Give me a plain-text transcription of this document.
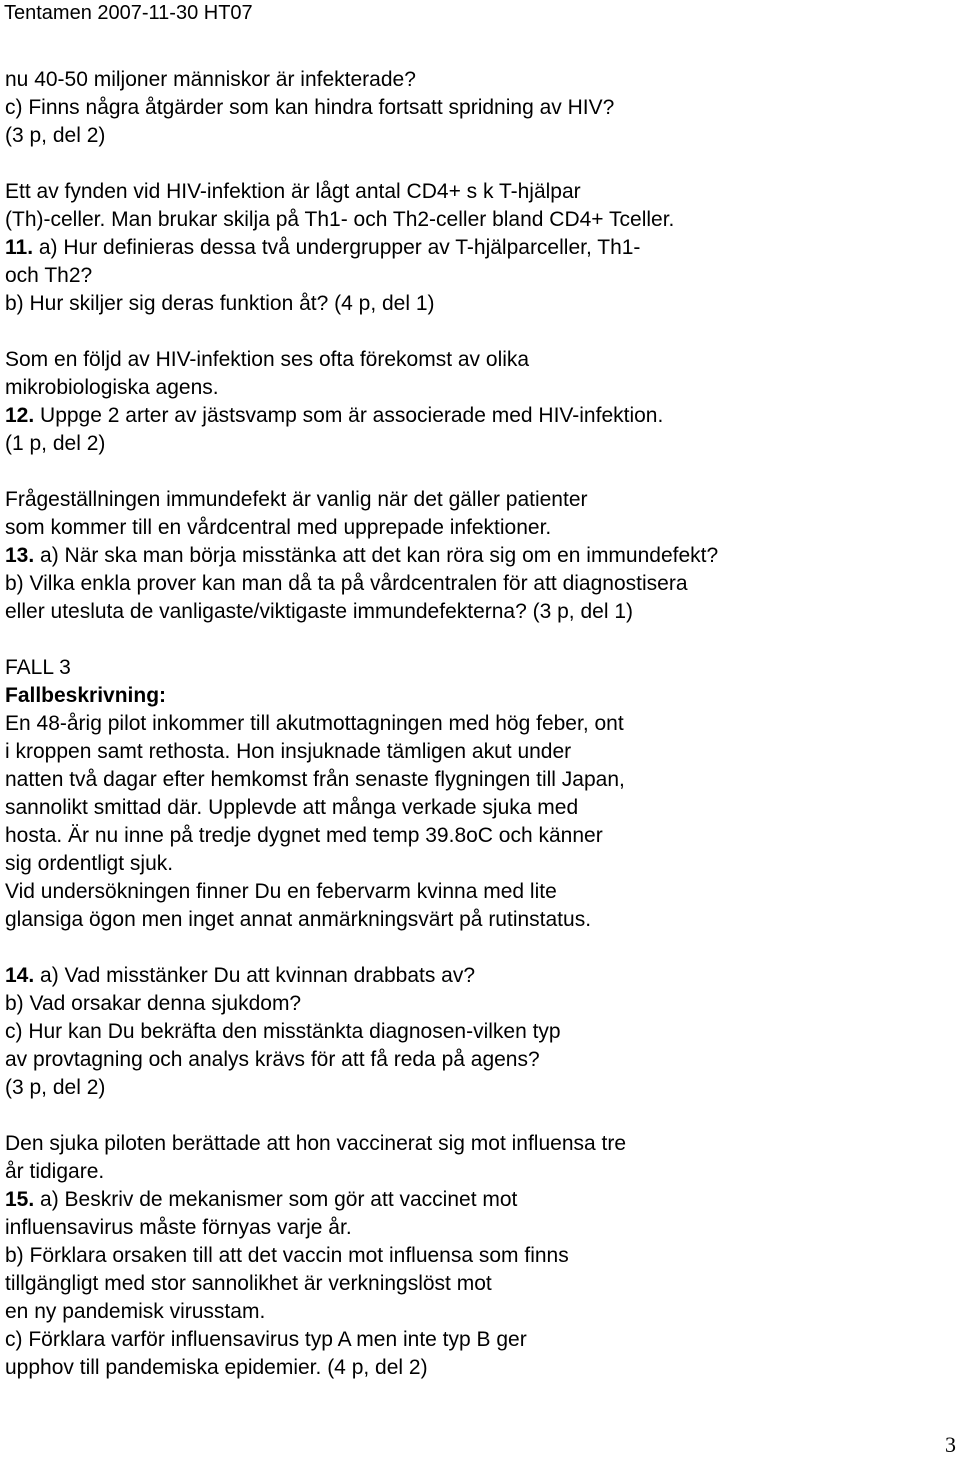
Tentamen 2007-11-30 HT07
nu 40-50 miljoner människor är infekterade?
c) Finns några åtgärder som kan hindra fortsatt spridning av HIV?
(3 p, del 2)
Ett av fynden vid HIV-infektion är lågt antal CD4+ s k T-hjälpar
(Th)-celler. Man brukar skilja på Th1- och Th2-celler bland CD4+ Tceller.
11. a) Hur definieras dessa två undergrupper av T-hjälparceller, Th1-
och Th2?
b) Hur skiljer sig deras funktion åt? (4 p, del 1)
Som en följd av HIV-infektion ses ofta förekomst av olika
mikrobiologiska agens.
12. Uppge 2 arter av jästsvamp som är associerade med HIV-infektion.
(1 p, del 2)
Frågeställningen immundefekt är vanlig när det gäller patienter
som kommer till en vårdcentral med upprepade infektioner.
13. a) När ska man börja misstänka att det kan röra sig om en immundefekt?
b) Vilka enkla prover kan man då ta på vårdcentralen för att diagnostisera
eller utesluta de vanligaste/viktigaste immundefekterna? (3 p, del 1)
FALL 3
Fallbeskrivning:
En 48-årig pilot inkommer till akutmottagningen med hög feber, ont
i kroppen samt rethosta. Hon insjuknade tämligen akut under
natten två dagar efter hemkomst från senaste flygningen till Japan,
sannolikt smittad där. Upplevde att många verkade sjuka med
hosta. Är nu inne på tredje dygnet med temp 39.8oC och känner
sig ordentligt sjuk.
Vid undersökningen finner Du en febervarm kvinna med lite
glansiga ögon men inget annat anmärkningsvärt på rutinstatus.
14. a) Vad misstänker Du att kvinnan drabbats av?
b) Vad orsakar denna sjukdom?
c) Hur kan Du bekräfta den misstänkta diagnosen-vilken typ
av provtagning och analys krävs för att få reda på agens?
(3 p, del 2)
Den sjuka piloten berättade att hon vaccinerat sig mot influensa tre
år tidigare.
15. a) Beskriv de mekanismer som gör att vaccinet mot
influensavirus måste förnyas varje år.
b) Förklara orsaken till att det vaccin mot influensa som finns
tillgängligt med stor sannolikhet är verkningslöst mot
en ny pandemisk virusstam.
c) Förklara varför influensavirus typ A men inte typ B ger
upphov till pandemiska epidemier. (4 p, del 2)
3
